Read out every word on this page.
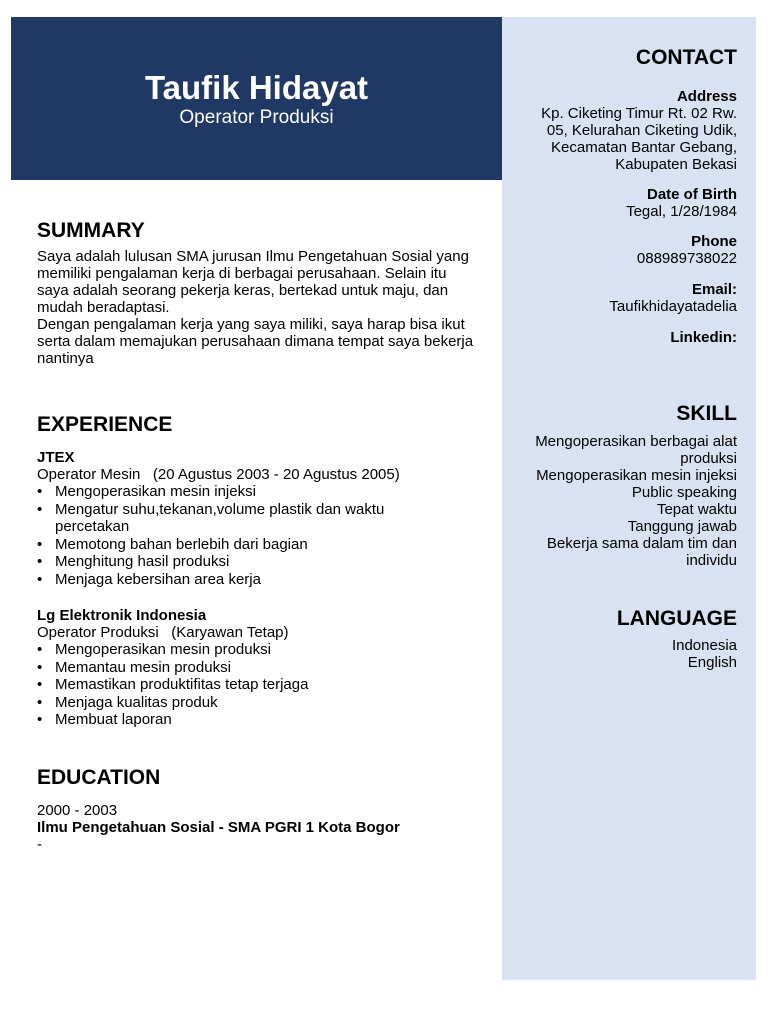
Taufik Hidayat
Operator Produksi
CONTACT
Address
Kp. Ciketing Timur Rt. 02 Rw.
05, Kelurahan Ciketing Udik,
Kecamatan Bantar Gebang,
Kabupaten Bekasi
Date of Birth
Tegal, 1/28/1984
Phone
088989738022
Email:
Taufikhidayatadelia
Linkedin:
SKILL
Mengoperasikan berbagai alat produksi
Mengoperasikan mesin injeksi
Public speaking
Tepat waktu
Tanggung jawab
Bekerja sama dalam tim dan individu
LANGUAGE
Indonesia
English
SUMMARY
Saya adalah lulusan SMA jurusan Ilmu Pengetahuan Sosial yang memiliki pengalaman kerja di berbagai perusahaan. Selain itu saya adalah seorang pekerja keras, bertekad untuk maju, dan mudah beradaptasi.
Dengan pengalaman kerja yang saya miliki, saya harap bisa ikut serta dalam memajukan perusahaan dimana tempat saya bekerja nantinya
EXPERIENCE
JTEX
Operator Mesin   (20 Agustus 2003 - 20 Agustus 2005)
• Mengoperasikan mesin injeksi
• Mengatur suhu,tekanan,volume plastik dan waktu percetakan
• Memotong bahan berlebih dari bagian
• Menghitung hasil produksi
• Menjaga kebersihan area kerja
Lg Elektronik Indonesia
Operator Produksi   (Karyawan Tetap)
• Mengoperasikan mesin produksi
• Memantau mesin produksi
• Memastikan produktifitas tetap terjaga
• Menjaga kualitas produk
• Membuat laporan
EDUCATION
2000 - 2003
Ilmu Pengetahuan Sosial - SMA PGRI 1 Kota Bogor
-
